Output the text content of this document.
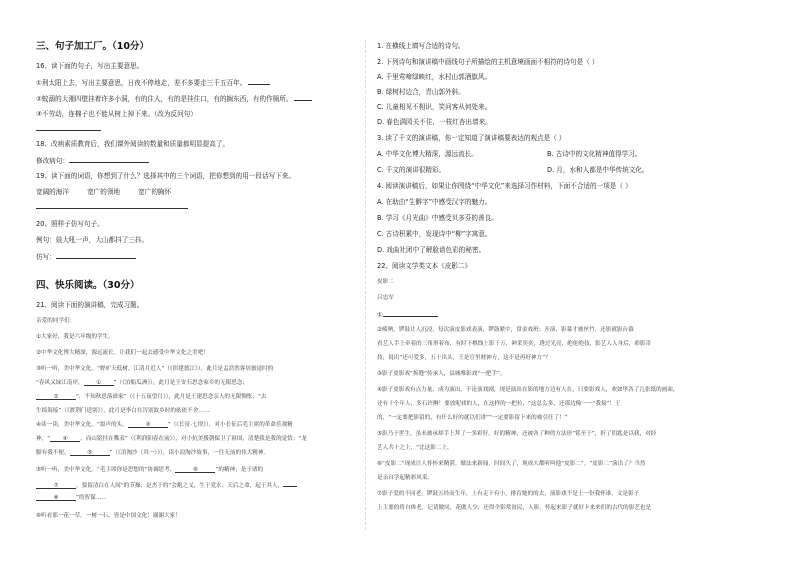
三、句子加工厂。（10分）
16、读下面的句子，写出主要意思。
①利太阳上去，写出主要意思，日夜不停地走，差不多要走三千五百年。
②蚊溺的大湘四壁挂着许多小洞，有的住人，有的是挂住口，有的搁东西，有的作厕所。
③不劳动，连棉子也不能从树上掉下来。（改为反问句）
18、改病素质教育后，我们课外阅读的数量和质量都明显提高了。
修改病句：
19、读下面的词语，你想到了什么？选择其中的三个词语，把你想到的用一段话写下来。
宽阔的海洋	宽广的领地	宽广的胸怀
20、照样子仿写句子。
例句：娃大吼一声，大山都抖了三抖。
仿写：
四、快乐阅读。（30分）
21、阅读下面的演讲稿，完成习题。
亲爱的同学们：
①大家好，我是六年级的学生。
②中华文化博大精深，源远流长。让我们一起去感受中华文化之美吧！
③听一听，美中华文化。“野旷天低树，江清月近人”（《宿建德江》）。此月是孟浩然客居旅途时的
“春风又绿江南岸， ① ”（《泊船瓜洲》），此月是王安石思念家乡的无限思念；
②	“，不知秋思落谁家”（《十五夜望月》），此月是王建思念亲人的无限惆怅；“去
生绮海接”（《渡荆门送别》），此月是李白在告别故乡时的依依不舍……
④读一读，美中华文化。“拟声的头，	③	”（《长征·七律》），对小长征后毛主席的革命乐观精
神，“ ④ ，而山铭挂在嘴表”（《利润阳春在前》），对小抗美援朝保卫了祖国，清楚我是我的觉悟；“龙
脚有我不便，	⑤	”（《浪淘沙（其一）》），读小浪淘沙故事，一往无前的伟大精神。
⑤听一听，美中华文化。“毛主席你是思想的“协调思考，	⑥	”的精神；是于诸的
⑦	，要留清白在人间”的节操；是杰于的“会跑之义，生于党水；天后之命，起于其人，
⑧	”的智谋……
⑥听看那一花一草，一树一石，皆是中国文化！谢谢大家！
1. 在横线上填写合适的诗句。
2. 下列诗句和演讲稿中画线句子所描绘的主机意境画面不相符的诗句是（ ）
A. 千里莺啼绿映红，水村山郭酒旗风。
B. 绿树村边合，青山郭外斜。
C. 儿童相见不相识，笑问客从何处来。
D. 春色满园关不住，一枝红杏出墙来。
3. 读了千文的演讲稿，你一定知道了演讲稿要表达的观点是（ ）
A. 中华文化博大精深，源远流长。	B. 古诗中的文化精神值得学习。
C. 千文的演讲很精彩。	D. 月，水和人都是中华传统文化。
4. 阅读演讲稿后，如果让你围绕“中华文化”来选择习作材料，下面不合适的一项是（ ）
A. 在助由“生僻字”中感受汉字的魅力。
B. 学习《月光曲》中感受贝多芬的善良。
C. 古诗积累中，发现诗中“柳”字寓意。
D. 戏曲社团中了解脸谱色彩的秘密。
22、阅读文学类文本《皮影二》
皮影二
吕忠军
①
②唢呐，锣鼓让人沉浸，每次演皮影戏表演，锣鼓紧中，常金戏班；开演，影幕才被丝竹，还影就影台幕
看艺人手上牵着的三角形着布，有时下棋线上影千万，神采奕奕，透过光亮，绝伦绝技，影艺人人身后，彩影奇
技，说出“还可爱多，五十出头，王是宣里财神方，这不是再好神方”？
③影子皮影戏“拆缝”传承人，县城唯影戏“一把手”。
④影子皮影戏有点力量，成为演出，不论演戏剧，现是演出在影的地方边有人在，只要影戏人，欢如里各了几张纸的画面，
还有十个年人，多石许啊！要放呢戏的人，在这样的一把拉，“这总么多，还那边像一一“我接”！王
的，“一定要把影留的，有什么好的就以们讲”“一定要影留下来的被引任了！”
⑤影乃于世生，虽未被承却手上拜了一多彩好，好的精神，还被各了种的方法形“铭至于”，折了钥匙是以我，对经
艺人共十之上，“比这影二上。
⑥“皮影二”现成让人怀怀来精湛。做法来新闻，时间久了，现成大都听叫他“皮影二”。“皮影二”演出了？当然
是亲自学起精彩风采。
⑦影子爱的不同老。锣鼓五经而生年，上有走下有小，排育她的的去，演影戏不是上一份我怀谁，文是影子
上主要的将自体老，记请做同，花做人少，还得全影常贫民，人影，怀起来影子就好卡来来们的古代的影艺也是
